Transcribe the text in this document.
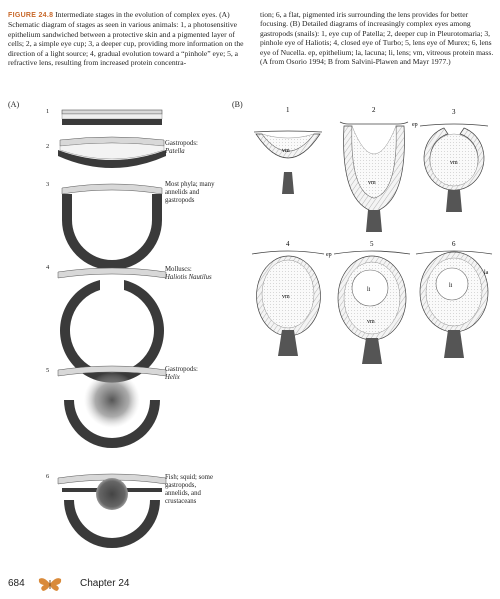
FIGURE 24.8 Intermediate stages in the evolution of complex eyes. (A) Schematic diagram of stages as seen in various animals: 1, a photosensitive epithelium sandwiched between a protective skin and a pigmented layer of cells; 2, a simple eye cup; 3, a deeper cup, providing more information on the direction of a light source; 4, gradual evolution toward a “pinhole” eye; 5, a refractive lens, resulting from increased protein concentra-
tion; 6, a flat, pigmented iris surrounding the lens provides for better focusing. (B) Detailed diagrams of increasingly complex eyes among gastropods (snails): 1, eye cup of Patella; 2, deeper cup in Pleurotomaria; 3, pinhole eye of Haliotis; 4, closed eye of Turbo; 5, lens eye of Murex; 6, lens eye of Nucella. ep, epithelium; la, lacuna; li, lens; vm, vitreous protein mass. (A from Osorio 1994; B from Salvini-Plawen and Mayr 1977.)
(A)
1
2
3
4
5
6
Gastropods:
Patella
Most phyla; many annelids and gastropods
Molluscs:
Haliotis Nautilus
Gastropods:
Helix
Fish; squid; some gastropods, annelids, and crustaceans
(B)
1	2	3
4	5	6
vm
vm
ep
vm
vm
ep
li
vm
li
la
684	Chapter 24
